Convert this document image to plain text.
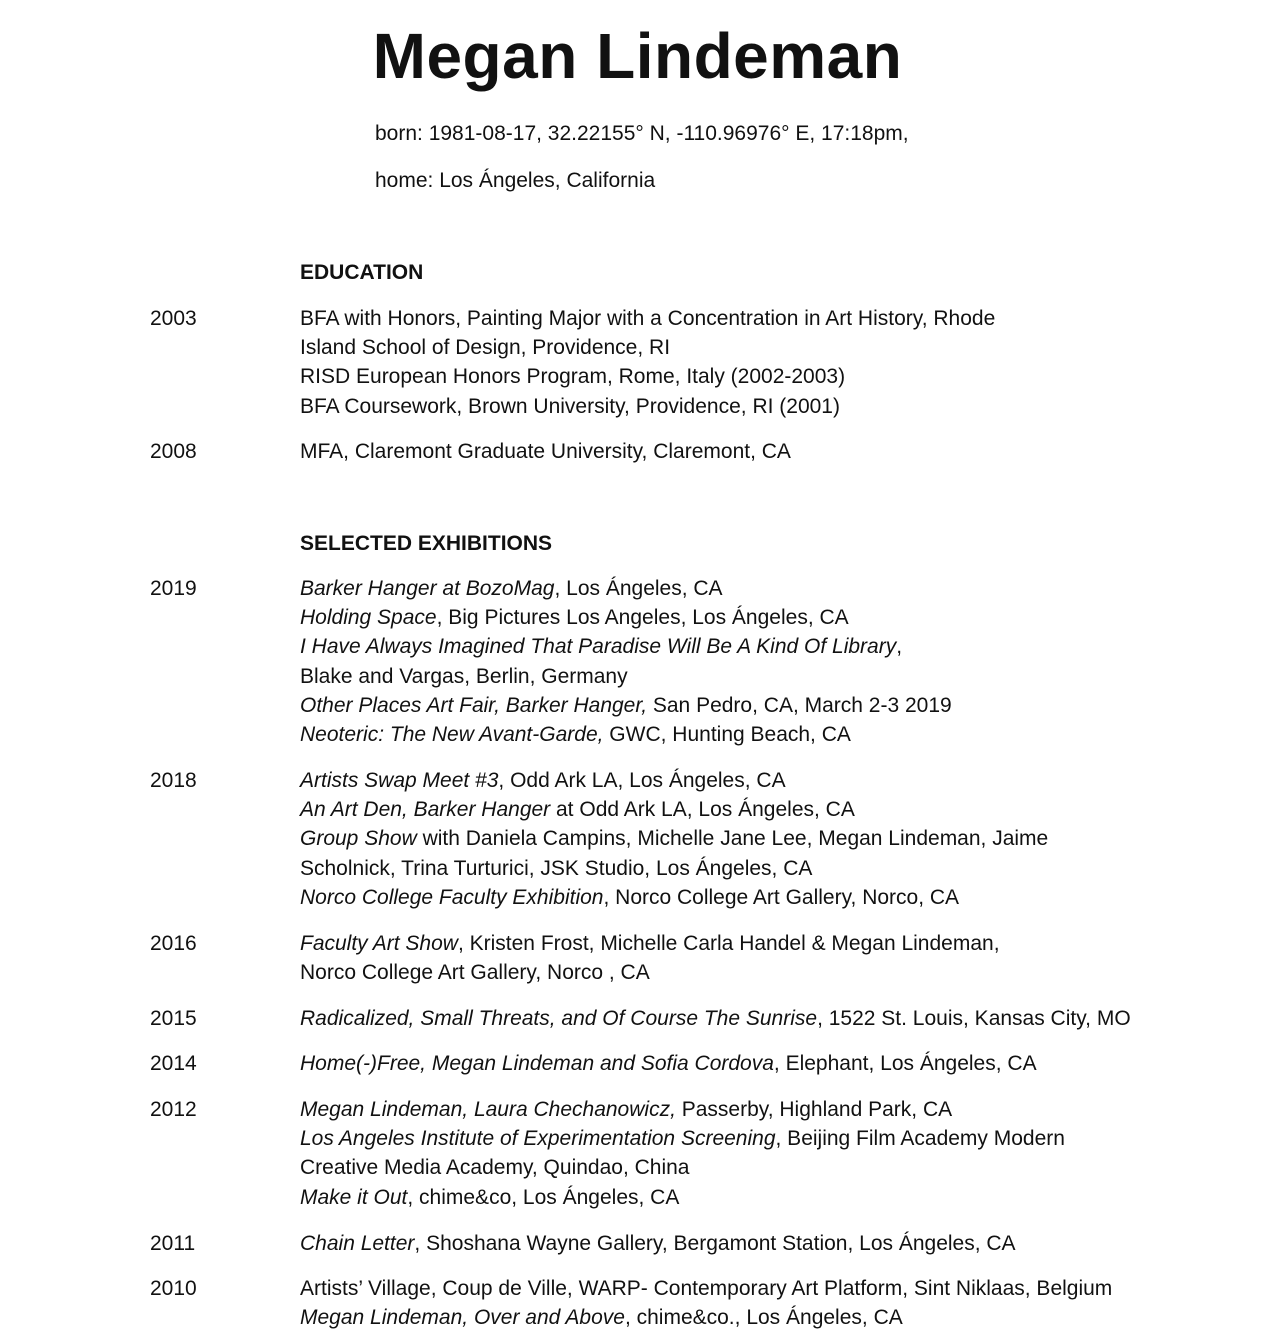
Megan Lindeman
born: 1981-08-17, 32.22155° N, -110.96976° E, 17:18pm,
home: Los Ángeles, California
EDUCATION
2003	BFA with Honors, Painting Major with a Concentration in Art History, Rhode
Island School of Design, Providence, RI
RISD European Honors Program, Rome, Italy (2002-2003)
BFA Coursework, Brown University, Providence, RI (2001)
2008	MFA, Claremont Graduate University, Claremont, CA
SELECTED EXHIBITIONS
2019	Barker Hanger at BozoMag, Los Ángeles, CA
Holding Space, Big Pictures Los Angeles, Los Ángeles, CA
I Have Always Imagined That Paradise Will Be A Kind Of Library,
Blake and Vargas, Berlin, Germany
Other Places Art Fair, Barker Hanger, San Pedro, CA, March 2-3 2019
Neoteric: The New Avant-Garde, GWC, Hunting Beach, CA
2018	Artists Swap Meet #3, Odd Ark LA, Los Ángeles, CA
An Art Den, Barker Hanger at Odd Ark LA, Los Ángeles, CA
Group Show with Daniela Campins, Michelle Jane Lee, Megan Lindeman, Jaime
Scholnick, Trina Turturici, JSK Studio, Los Ángeles, CA
Norco College Faculty Exhibition, Norco College Art Gallery, Norco, CA
2016	Faculty Art Show, Kristen Frost, Michelle Carla Handel & Megan Lindeman,
Norco College Art Gallery, Norco , CA
2015	Radicalized, Small Threats, and Of Course The Sunrise, 1522 St. Louis, Kansas City, MO
2014	Home(-)Free, Megan Lindeman and Sofia Cordova, Elephant, Los Ángeles, CA
2012	Megan Lindeman, Laura Chechanowicz, Passerby, Highland Park, CA
Los Angeles Institute of Experimentation Screening, Beijing Film Academy Modern
Creative Media Academy, Quindao, China
Make it Out, chime&co, Los Ángeles, CA
2011	Chain Letter, Shoshana Wayne Gallery, Bergamont Station, Los Ángeles, CA
2010	Artists’ Village, Coup de Ville, WARP- Contemporary Art Platform, Sint Niklaas, Belgium
Megan Lindeman, Over and Above, chime&co., Los Ángeles, CA
